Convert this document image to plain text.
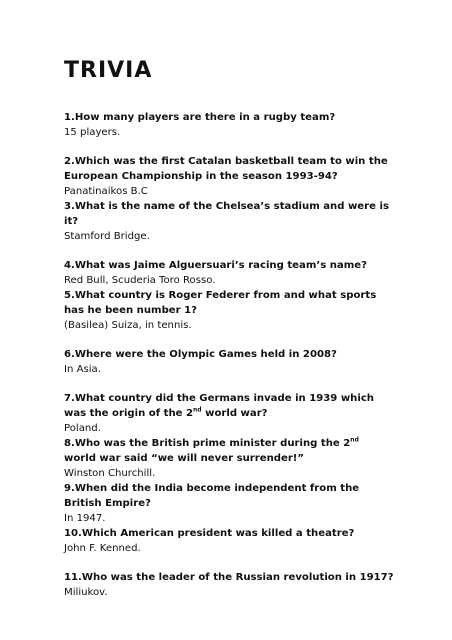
TRIVIA

1.How many players are there in a rugby team?

15 players.

2.Which was the first Catalan basketball team to win the European Championship in the season 1993-94?

Panatinaikos B.C

3.What is the name of the Chelsea’s stadium and were is it?

Stamford Bridge.

4.What was Jaime Alguersuari’s racing team’s name?

Red Bull, Scuderia Toro Rosso.

5.What country is Roger Federer from and what sports has he been number 1?

(Basilea) Suiza, in tennis.

6.Where were the Olympic Games held in 2008?

In Asia.

7.What country did the Germans invade in 1939 which was the origin of the 2nd world war?

Poland.

8.Who was the British prime minister during the 2nd world war said “we will never surrender!”

Winston Churchill.

9.When did the India become independent from the British Empire?

In 1947.

10.Which American president was killed a theatre?

John F. Kenned.

11.Who was the leader of the Russian revolution in 1917?

Miliukov.
